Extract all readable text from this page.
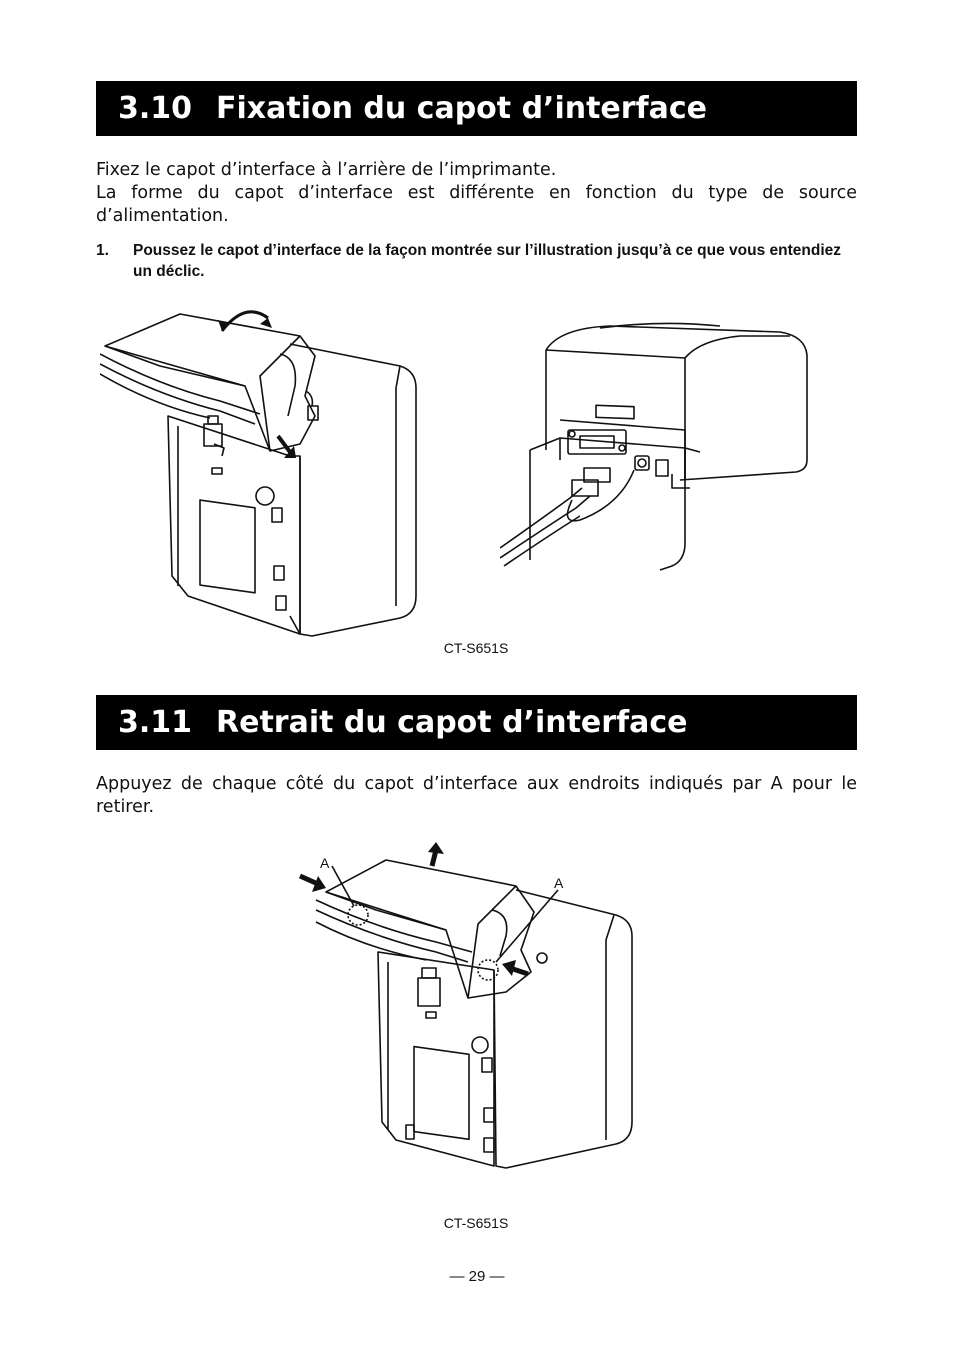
3.10 Fixation du capot d’interface

Fixez le capot d’interface à l’arrière de l’imprimante.

La forme du capot d’interface est différente en fonction du type de source d’alimentation.

1. Poussez le capot d’interface de la façon montrée sur l’illustration jusqu’à ce que vous entendiez un déclic.
CT-S651S
3.11 Retrait du capot d’interface

Appuyez de chaque côté du capot d’interface aux endroits indiqués par A pour le retirer.

A
A
CT-S651S
— 29 —
